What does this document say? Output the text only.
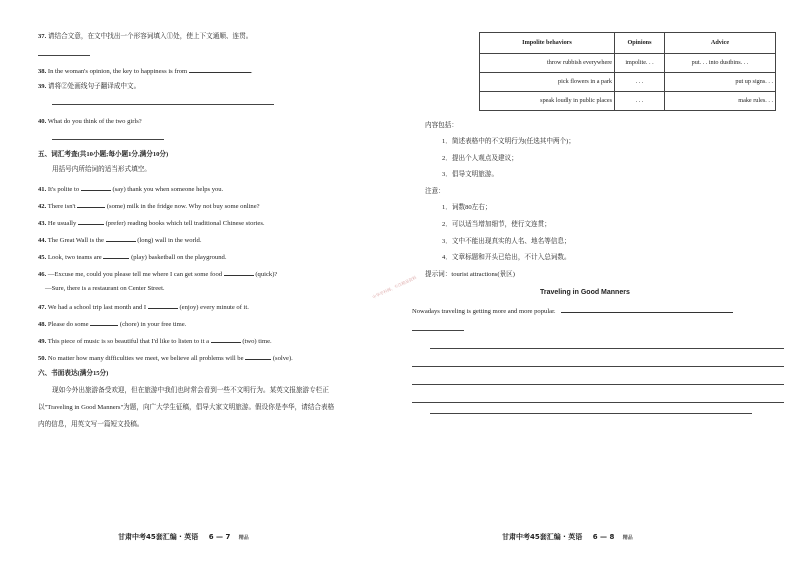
37. 请结合文意，在文中找出一个形容词填入①处，使上下文通顺、连贯。
38. In the woman's opinion, the key to happiness is from	.
39. 请将②处画线句子翻译成中文。
40. What do you think of the two girls?
五、词汇考查(共10小题;每小题1分,满分10分)
用括号内所给词的适当形式填空。
41. It's polite to	(say) thank you when someone helps you.
42. There isn't	(some) milk in the fridge now. Why not buy some online?
43. He usually	(prefer) reading books which tell traditional Chinese stories.
44. The Great Wall is the	(long) wall in the world.
45. Look, two teams are	(play) basketball on the playground.
46. —Excuse me, could you please tell me where I can get some food	(quick)?
—Sure, there is a restaurant on Center Street.
47. We had a school trip last month and I	(enjoy) every minute of it.
48. Please do some	(chore) in your free time.
49. This piece of music is so beautiful that I'd like to listen to it a	(two) time.
50. No matter how many difficulties we meet, we believe all problems will be	(solve).
六、书面表达(满分15分)
现如今外出旅游备受欢迎，但在旅游中我们也时常会看到一些不文明行为。某英文报旅游专栏正
以"Traveling in Good Manners"为题，向广大学生征稿，倡导大家文明旅游。假设你是李华，请结合表格
内的信息，用英文写一篇短文投稿。
甘肃中考45套汇编 · 英语 6 — 7 精品
Impolite behaviors	Opinions	Advice
throw rubbish everywhere	impolite. . .	put. . . into dustbins. . .
pick flowers in a park	. . .	put up signs. . .
speak loudly in public places	. . .	make rules. . .
内容包括：
1．简述表格中的不文明行为(任选其中两个)；
2．提出个人观点及建议；
3．倡导文明旅游。
注意：
1．词数80左右；
2．可以适当增加细节，使行文连贯；
3．文中不能出现真实的人名、地名等信息；
4．文章标题和开头已给出，不计入总词数。
提示词：tourist attractions(景区)
中华学科网，专注精品资料	Traveling in Good Manners
Nowadays traveling is getting more and more popular.
甘肃中考45套汇编 · 英语 6 — 8 精品
